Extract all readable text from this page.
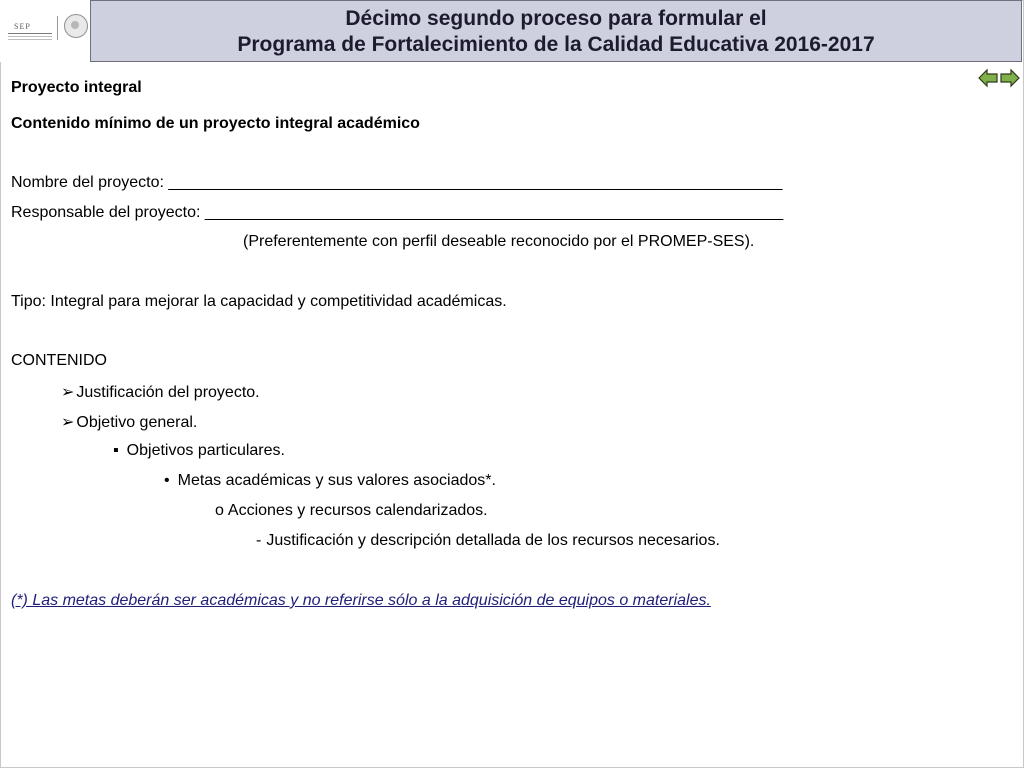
SEP	Décimo segundo proceso para formular el
Programa de Fortalecimiento de la Calidad Educativa 2016-2017
Proyecto integral
Contenido mínimo de un proyecto integral académico
Nombre del proyecto: _____________________________________________________________________
Responsable del proyecto: _________________________________________________________________
(Preferentemente con perfil deseable reconocido por el PROMEP-SES).
Tipo: Integral para mejorar la capacidad y competitividad académicas.
CONTENIDO
➢ Justificación del proyecto.
➢ Objetivo general.
▪ Objetivos particulares.
• Metas académicas y sus valores asociados*.
o Acciones y recursos calendarizados.
- Justificación y descripción detallada de los recursos necesarios.
(*) Las metas deberán ser académicas y no referirse sólo a la adquisición de equipos o materiales.
